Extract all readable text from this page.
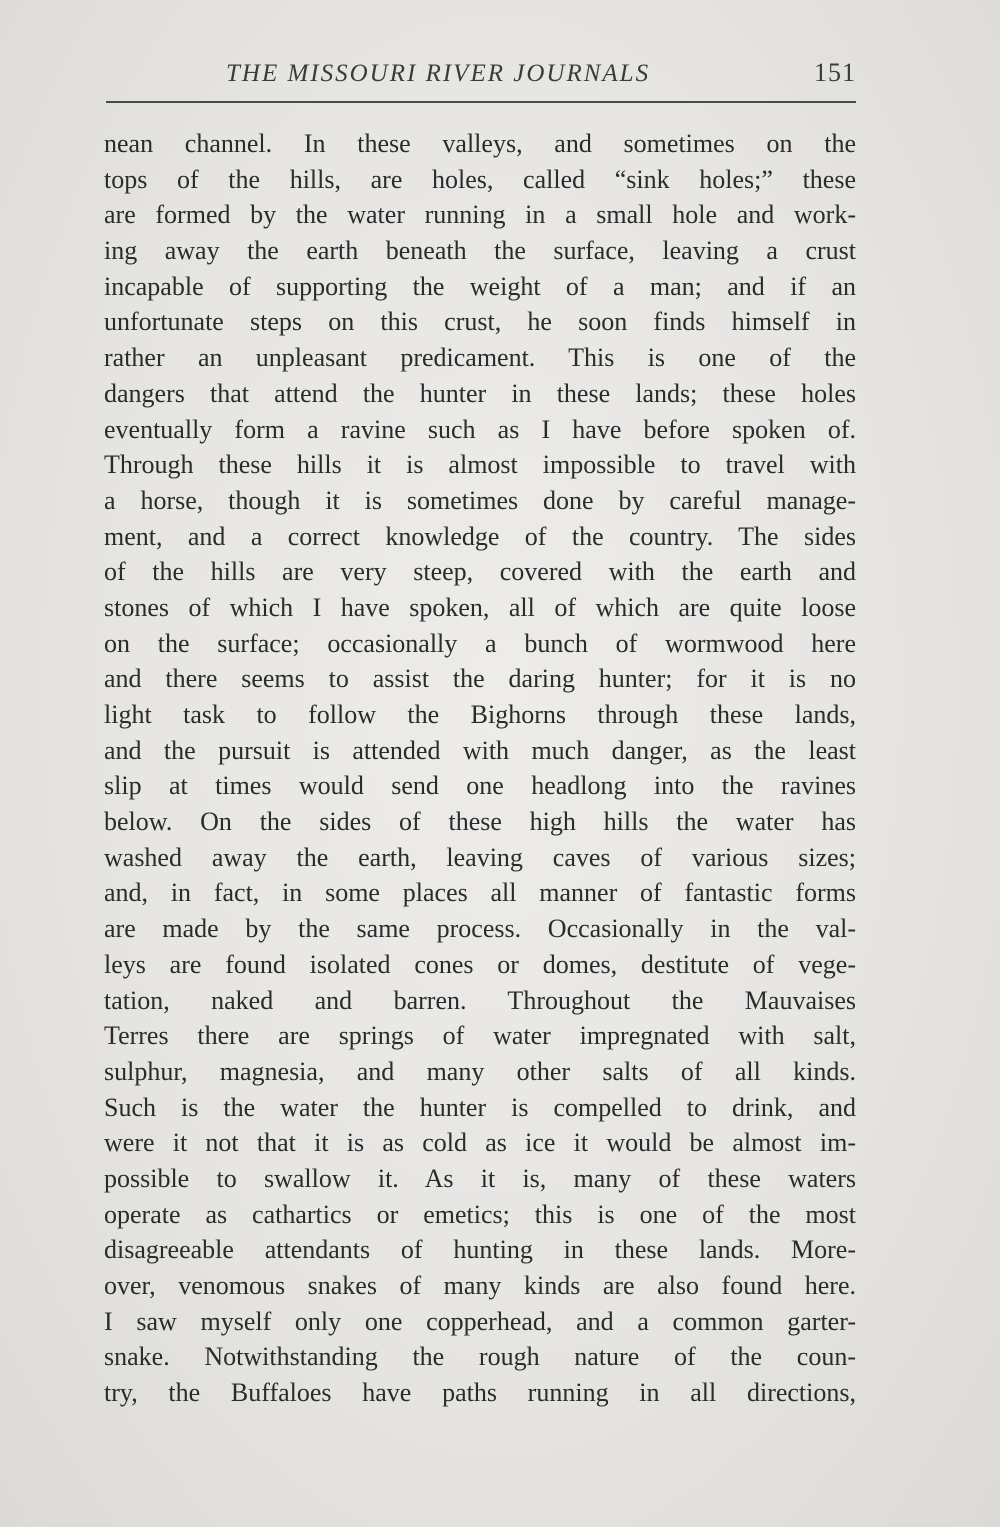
THE MISSOURI RIVER JOURNALS	151
nean channel. In these valleys, and sometimes on the
tops of the hills, are holes, called “sink holes;” these
are formed by the water running in a small hole and work-
ing away the earth beneath the surface, leaving a crust
incapable of supporting the weight of a man; and if an
unfortunate steps on this crust, he soon finds himself in
rather an unpleasant predicament. This is one of the
dangers that attend the hunter in these lands; these holes
eventually form a ravine such as I have before spoken of.
Through these hills it is almost impossible to travel with
a horse, though it is sometimes done by careful manage-
ment, and a correct knowledge of the country. The sides
of the hills are very steep, covered with the earth and
stones of which I have spoken, all of which are quite loose
on the surface; occasionally a bunch of wormwood here
and there seems to assist the daring hunter; for it is no
light task to follow the Bighorns through these lands,
and the pursuit is attended with much danger, as the least
slip at times would send one headlong into the ravines
below. On the sides of these high hills the water has
washed away the earth, leaving caves of various sizes;
and, in fact, in some places all manner of fantastic forms
are made by the same process. Occasionally in the val-
leys are found isolated cones or domes, destitute of vege-
tation, naked and barren. Throughout the Mauvaises
Terres there are springs of water impregnated with salt,
sulphur, magnesia, and many other salts of all kinds.
Such is the water the hunter is compelled to drink, and
were it not that it is as cold as ice it would be almost im-
possible to swallow it. As it is, many of these waters
operate as cathartics or emetics; this is one of the most
disagreeable attendants of hunting in these lands. More-
over, venomous snakes of many kinds are also found here.
I saw myself only one copperhead, and a common garter-
snake. Notwithstanding the rough nature of the coun-
try, the Buffaloes have paths running in all directions,
